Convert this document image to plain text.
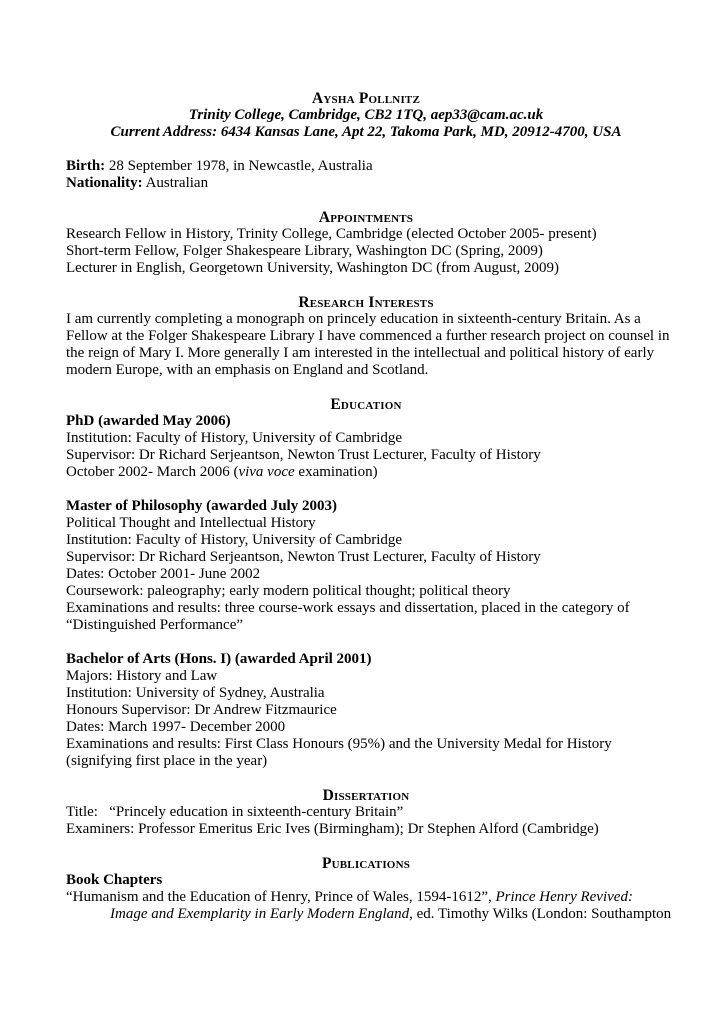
Aysha Pollnitz
Trinity College, Cambridge, CB2 1TQ, aep33@cam.ac.uk
Current Address: 6434 Kansas Lane, Apt 22, Takoma Park, MD, 20912-4700, USA
Birth: 28 September 1978, in Newcastle, Australia
Nationality: Australian
Appointments
Research Fellow in History, Trinity College, Cambridge (elected October 2005- present)
Short-term Fellow, Folger Shakespeare Library, Washington DC (Spring, 2009)
Lecturer in English, Georgetown University, Washington DC (from August, 2009)
Research Interests
I am currently completing a monograph on princely education in sixteenth-century Britain. As a
Fellow at the Folger Shakespeare Library I have commenced a further research project on counsel in
the reign of Mary I. More generally I am interested in the intellectual and political history of early
modern Europe, with an emphasis on England and Scotland.
Education
PhD (awarded May 2006)
Institution: Faculty of History, University of Cambridge
Supervisor: Dr Richard Serjeantson, Newton Trust Lecturer, Faculty of History
October 2002- March 2006 (viva voce examination)
Master of Philosophy (awarded July 2003)
Political Thought and Intellectual History
Institution: Faculty of History, University of Cambridge
Supervisor: Dr Richard Serjeantson, Newton Trust Lecturer, Faculty of History
Dates: October 2001- June 2002
Coursework: paleography; early modern political thought; political theory
Examinations and results: three course-work essays and dissertation, placed in the category of
“Distinguished Performance”
Bachelor of Arts (Hons. I) (awarded April 2001)
Majors: History and Law
Institution: University of Sydney, Australia
Honours Supervisor: Dr Andrew Fitzmaurice
Dates: March 1997- December 2000
Examinations and results: First Class Honours (95%) and the University Medal for History
(signifying first place in the year)
Dissertation
Title:   “Princely education in sixteenth-century Britain”
Examiners: Professor Emeritus Eric Ives (Birmingham); Dr Stephen Alford (Cambridge)
Publications
Book Chapters
“Humanism and the Education of Henry, Prince of Wales, 1594-1612”, Prince Henry Revived:
Image and Exemplarity in Early Modern England, ed. Timothy Wilks (London: Southampton
